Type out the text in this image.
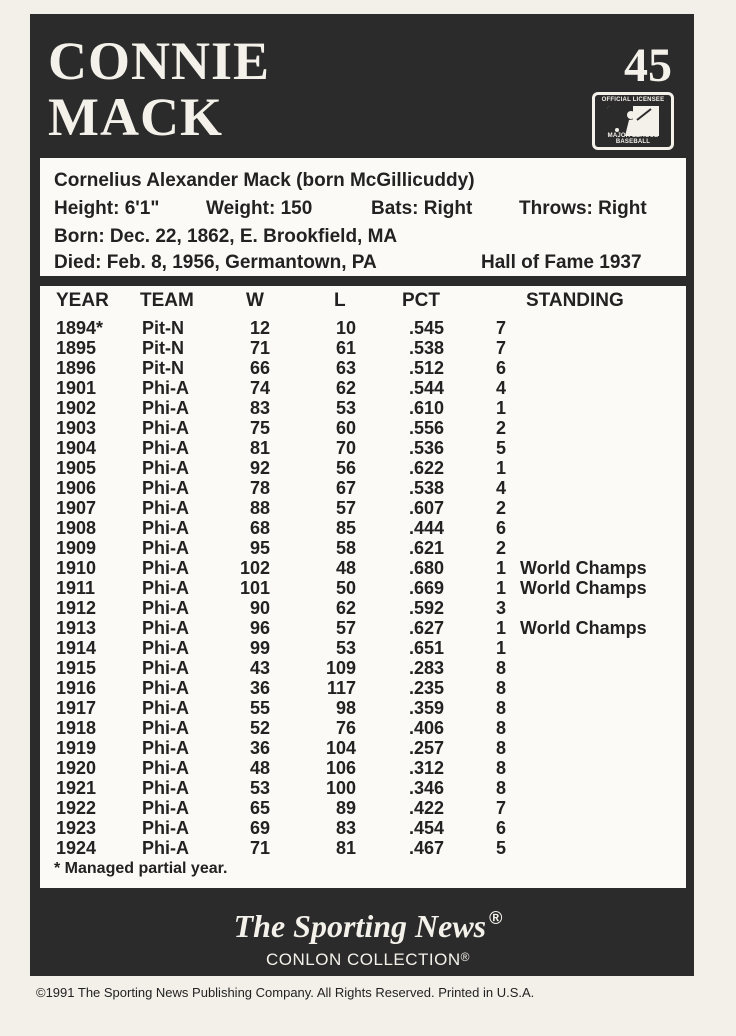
CONNIE
MACK
45
OFFICIAL LICENSEE
MAJOR LEAGUE BASEBALL
Cornelius Alexander Mack (born McGillicuddy)
Height: 6'1" Weight: 150	Bats: Right Throws: Right
Born: Dec. 22, 1862, E. Brookfield, MA
Died: Feb. 8, 1956, Germantown, PA	Hall of Fame 1937
YEAR TEAM	W	L	PCT	STANDING
1894* Pit-N	12	10	.545	7
1895	Pit-N	71	61	.538	7
1896	Pit-N	66	63	.512	6
1901	Phi-A	74	62	.544	4
1902	Phi-A	83	53	.610	1
1903	Phi-A	75	60	.556	2
1904	Phi-A	81	70	.536	5
1905	Phi-A	92	56	.622	1
1906	Phi-A	78	67	.538	4
1907	Phi-A	88	57	.607	2
1908	Phi-A	68	85	.444	6
1909	Phi-A	95	58	.621	2
1910	Phi-A	102	48	.680	1 World Champs
1911	Phi-A	101	50	.669	1 World Champs
1912	Phi-A	90	62	.592	3
1913	Phi-A	96	57	.627	1 World Champs
1914	Phi-A	99	53	.651	1
1915	Phi-A	43	109	.283	8
1916	Phi-A	36	117	.235	8
1917	Phi-A	55	98	.359	8
1918	Phi-A	52	76	.406	8
1919	Phi-A	36	104	.257	8
1920	Phi-A	48	106	.312	8
1921	Phi-A	53	100	.346	8
1922	Phi-A	65	89	.422	7
1923	Phi-A	69	83	.454	6
1924	Phi-A	71	81	.467	5
* Managed partial year.
The Sporting News ®
CONLON COLLECTION®
©1991 The Sporting News Publishing Company. All Rights Reserved. Printed in U.S.A.
